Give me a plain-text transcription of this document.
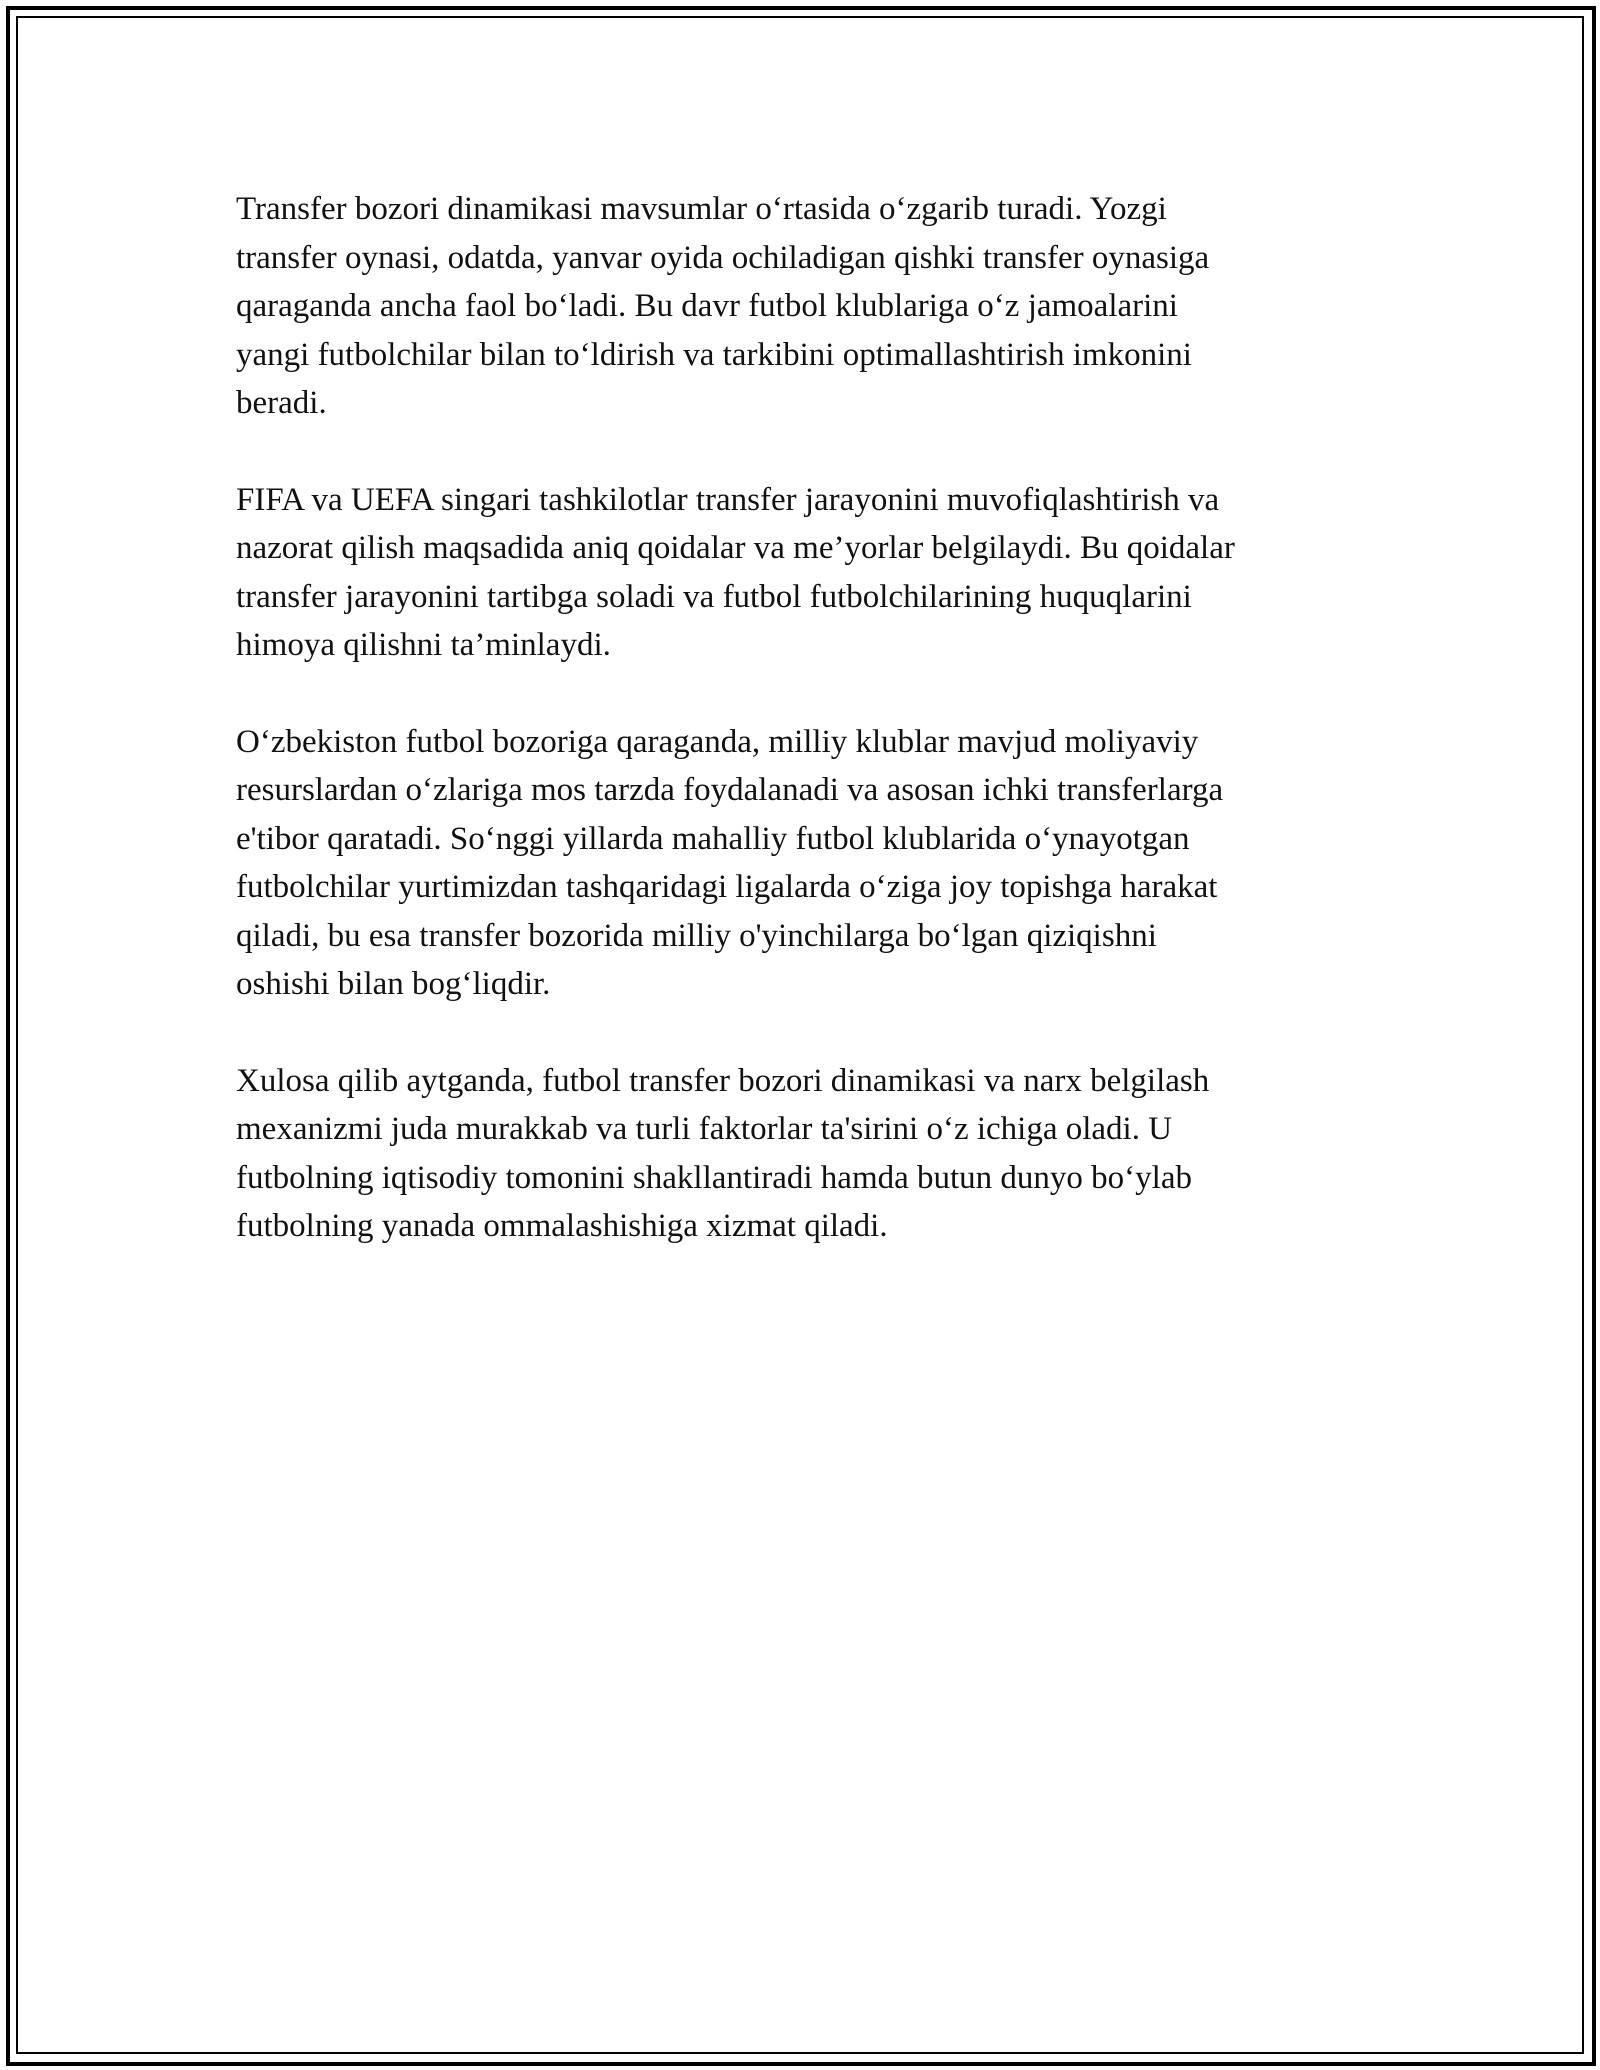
Transfer bozori dinamikasi mavsumlar oʻrtasida oʻzgarib turadi. Yozgi
transfer oynasi, odatda, yanvar oyida ochiladigan qishki transfer oynasiga
qaraganda ancha faol boʻladi. Bu davr futbol klublariga oʻz jamoalarini
yangi futbolchilar bilan toʻldirish va tarkibini optimallashtirish imkonini
beradi.

FIFA va UEFA singari tashkilotlar transfer jarayonini muvofiqlashtirish va
nazorat qilish maqsadida aniq qoidalar va me’yorlar belgilaydi. Bu qoidalar
transfer jarayonini tartibga soladi va futbol futbolchilarining huquqlarini
himoya qilishni ta’minlaydi.

Oʻzbekiston futbol bozoriga qaraganda, milliy klublar mavjud moliyaviy
resurslardan oʻzlariga mos tarzda foydalanadi va asosan ichki transferlarga
e'tibor qaratadi. Soʻnggi yillarda mahalliy futbol klublarida oʻynayotgan
futbolchilar yurtimizdan tashqaridagi ligalarda oʻziga joy topishga harakat
qiladi, bu esa transfer bozorida milliy o'yinchilarga boʻlgan qiziqishni
oshishi bilan bogʻliqdir.

Xulosa qilib aytganda, futbol transfer bozori dinamikasi va narx belgilash
mexanizmi juda murakkab va turli faktorlar ta'sirini oʻz ichiga oladi. U
futbolning iqtisodiy tomonini shakllantiradi hamda butun dunyo boʻylab
futbolning yanada ommalashishiga xizmat qiladi.
